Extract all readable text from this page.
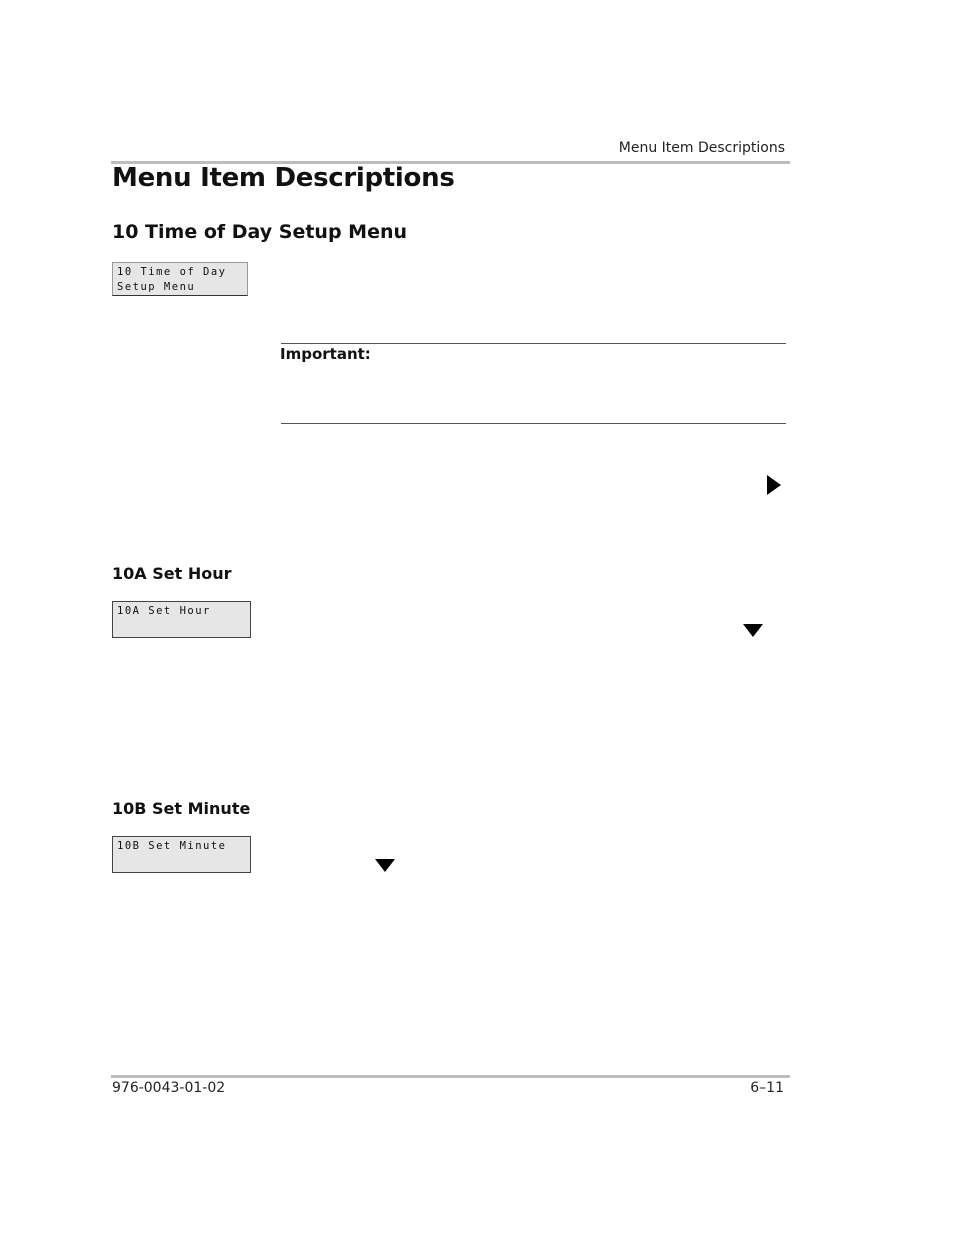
Menu Item Descriptions
Menu Item Descriptions
10 Time of Day Setup Menu
10 Time of Day
Setup Menu
Important:
10A Set Hour
10A Set Hour
10B Set Minute
10B Set Minute
976-0043-01-02	6–11
